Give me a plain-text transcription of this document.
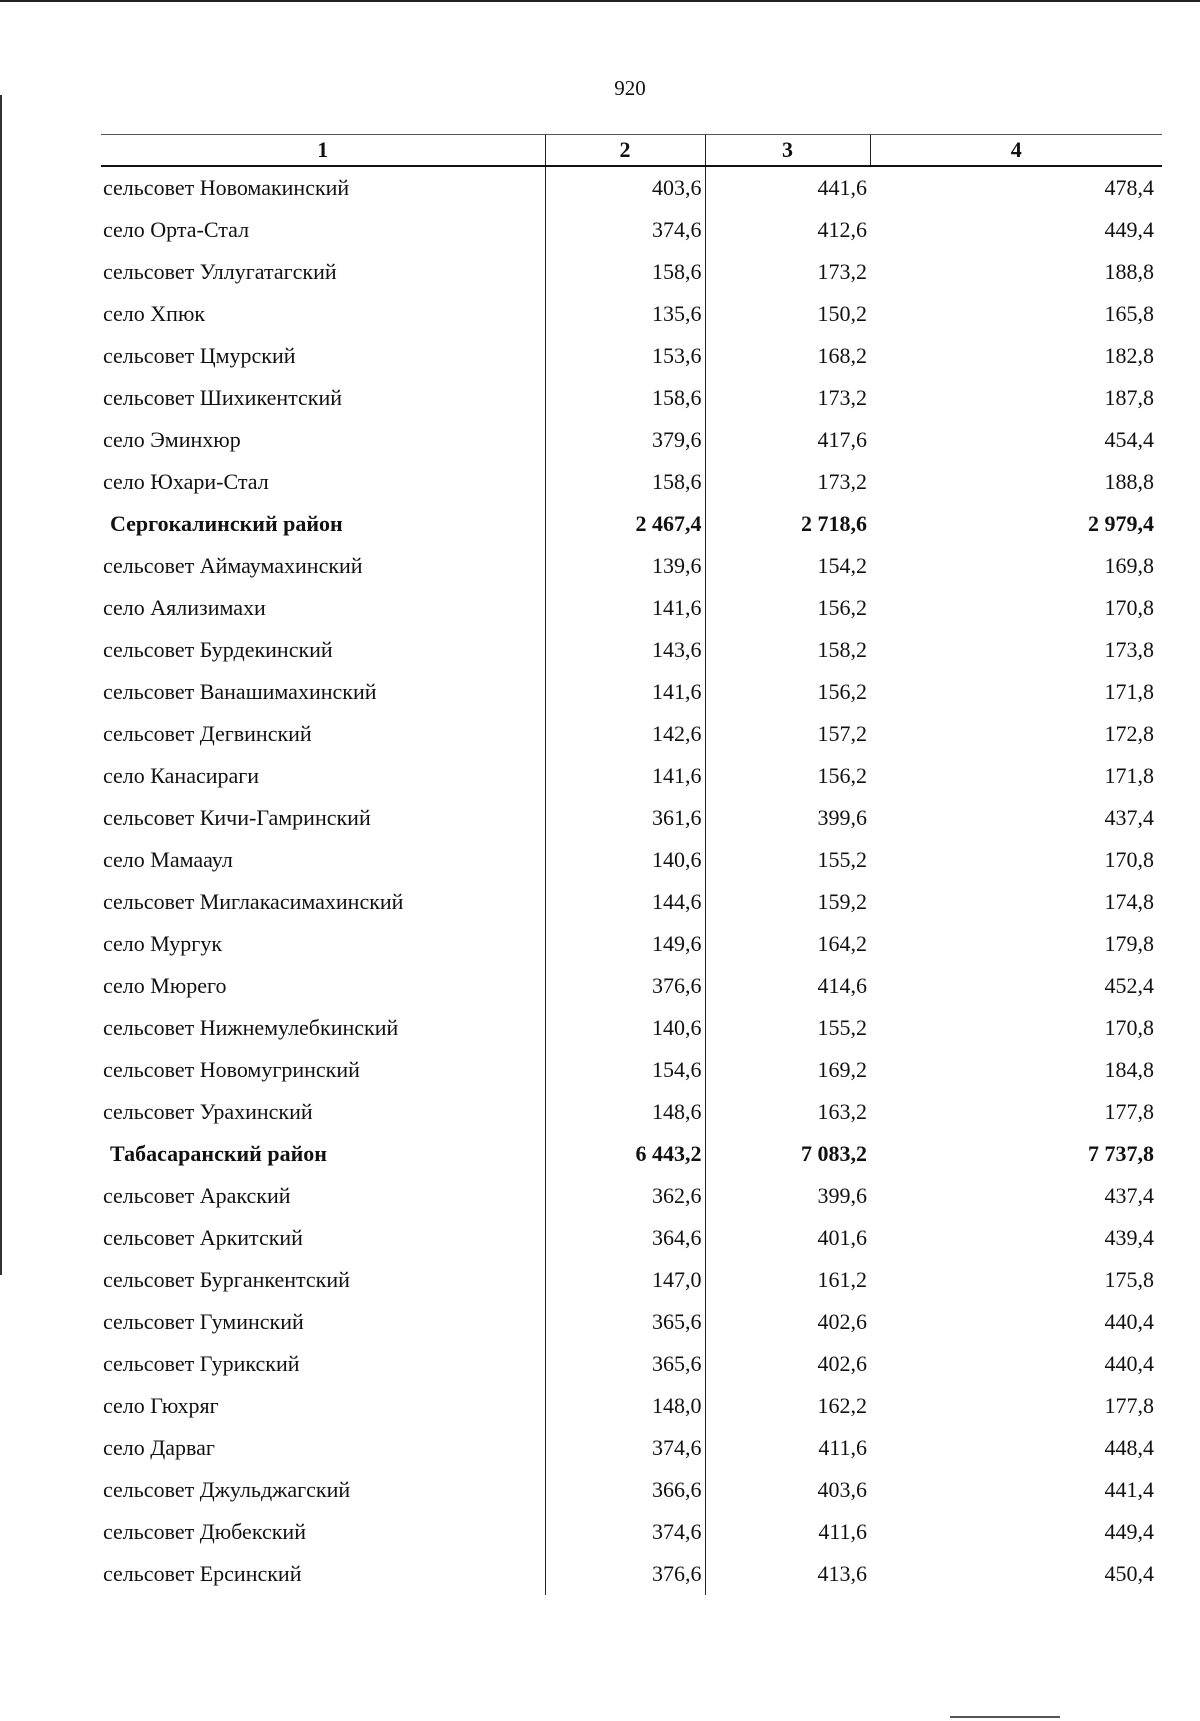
920
1	2	3	4
сельсовет Новомакинский	403,6	441,6	478,4
село Орта-Стал	374,6	412,6	449,4
сельсовет Уллугатагский	158,6	173,2	188,8
село Хпюк	135,6	150,2	165,8
сельсовет Цмурский	153,6	168,2	182,8
сельсовет Шихикентский	158,6	173,2	187,8
село Эминхюр	379,6	417,6	454,4
село Юхари-Стал	158,6	173,2	188,8
Сергокалинский район	2 467,4	2 718,6	2 979,4
сельсовет Аймаумахинский	139,6	154,2	169,8
село Аялизимахи	141,6	156,2	170,8
сельсовет Бурдекинский	143,6	158,2	173,8
сельсовет Ванашимахинский	141,6	156,2	171,8
сельсовет Дегвинский	142,6	157,2	172,8
село Канасираги	141,6	156,2	171,8
сельсовет Кичи-Гамринский	361,6	399,6	437,4
село Мамааул	140,6	155,2	170,8
сельсовет Миглакасимахинский	144,6	159,2	174,8
село Мургук	149,6	164,2	179,8
село Мюрего	376,6	414,6	452,4
сельсовет Нижнемулебкинский	140,6	155,2	170,8
сельсовет Новомугринский	154,6	169,2	184,8
сельсовет Урахинский	148,6	163,2	177,8
Табасаранский район	6 443,2	7 083,2	7 737,8
сельсовет Аракский	362,6	399,6	437,4
сельсовет Аркитский	364,6	401,6	439,4
сельсовет Бурганкентский	147,0	161,2	175,8
сельсовет Гуминский	365,6	402,6	440,4
сельсовет Гурикский	365,6	402,6	440,4
село Гюхряг	148,0	162,2	177,8
село Дарваг	374,6	411,6	448,4
сельсовет Джульджагский	366,6	403,6	441,4
сельсовет Дюбекский	374,6	411,6	449,4
сельсовет Ерсинский	376,6	413,6	450,4
